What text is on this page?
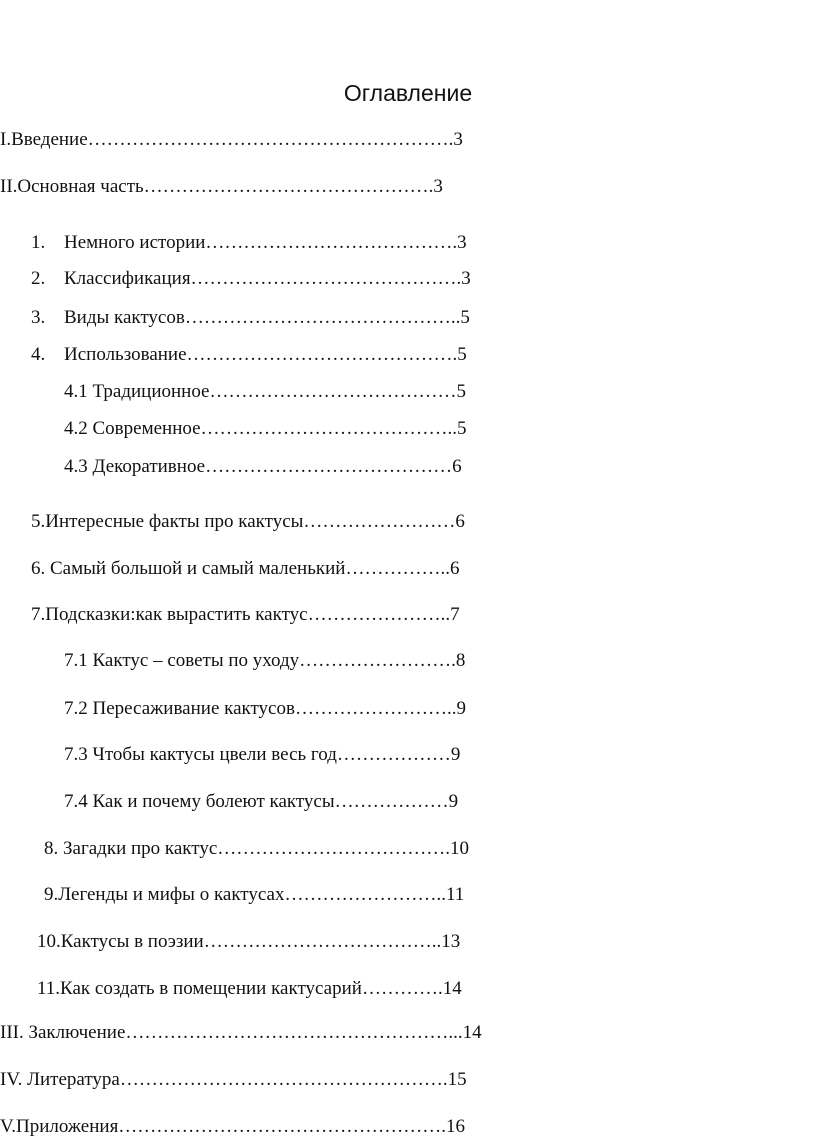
Оглавление
I.Введение………………………………………………….3
II.Основная часть……………………………………….3
1. Немного истории………………………………….3
2. Классификация…………………………………….3
3. Виды кактусов……………………………………..5
4. Использование…………………………………….5
4.1 Традиционное…………………………………5
4.2 Современное…………………………………..5
4.3 Декоративное…………………………………6
5.Интересные факты про кактусы……………………6
6. Самый большой и самый маленький……………..6
7.Подсказки:как вырастить кактус…………………..7
7.1 Кактус – советы по уходу…………………….8
7.2 Пересаживание кактусов……………………..9
7.3 Чтобы кактусы цвели весь год………………9
7.4 Как и почему болеют кактусы………………9
8. Загадки про кактус……………………………….10
9.Легенды и мифы о кактусах……………………..11
10.Кактусы в поэзии………………………………..13
11.Как создать в помещении кактусарий………….14
III. Заключение……………………………………………...14
IV. Литература…………………………………………….15
V.Приложения…………………………………………….16
